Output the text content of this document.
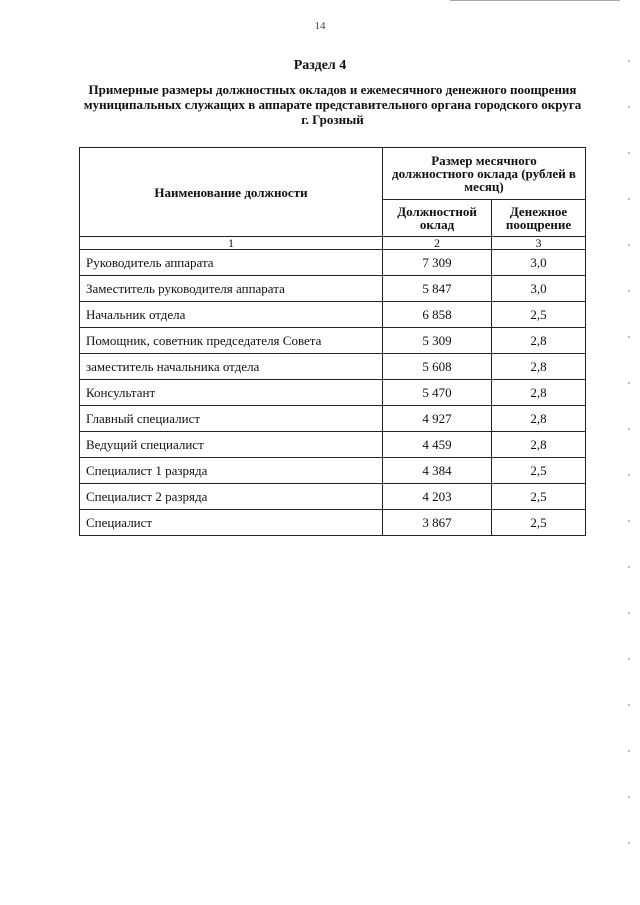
14
Раздел 4
Примерные размеры должностных окладов и ежемесячного денежного поощрения муниципальных служащих в аппарате представительного органа городского округа г. Грозный
Наименование должности	Размер месячного должностного оклада (рублей в месяц)	
	Должностной оклад	Денежное поощрение
1	2	3
Руководитель аппарата	7 309	3,0
Заместитель руководителя аппарата	5 847	3,0
Начальник отдела	6 858	2,5
Помощник, советник председателя Совета	5 309	2,8
заместитель начальника отдела	5 608	2,8
Консультант	5 470	2,8
Главный специалист	4 927	2,8
Ведущий специалист	4 459	2,8
Специалист 1 разряда	4 384	2,5
Специалист 2 разряда	4 203	2,5
Специалист	3 867	2,5
